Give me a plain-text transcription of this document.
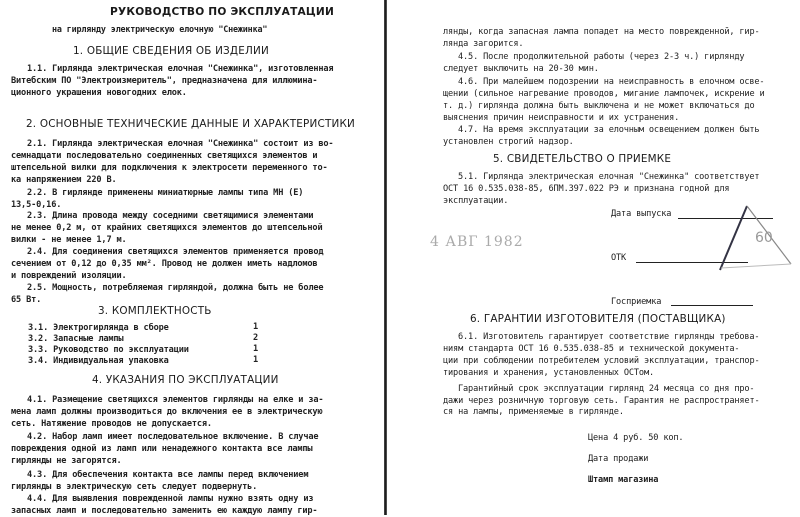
РУКОВОДСТВО ПО ЭКСПЛУАТАЦИИ
на гирлянду электрическую елочную "Снежинка"
1. ОБЩИЕ СВЕДЕНИЯ ОБ ИЗДЕЛИИ
1.1. Гирлянда электрическая елочная "Снежинка", изготовленная
Витебским ПО "Электроизмеритель", предназначена для иллюмина-
ционного украшения новогодних елок.
2. ОСНОВНЫЕ ТЕХНИЧЕСКИЕ ДАННЫЕ И ХАРАКТЕРИСТИКИ
2.1. Гирлянда электрическая елочная "Снежинка" состоит из во-
семнадцати последовательно соединенных светящихся элементов и
штепсельной вилки для подключения к электросети переменного то-
ка напряжением 220 В.
2.2. В гирлянде применены миниатюрные лампы типа МН (Е)
13,5-0,16.
2.3. Длина провода между соседними светящимися элементами
не менее 0,2 м, от крайних светящихся элементов до штепсельной
вилки - не менее 1,7 м.
2.4. Для соединения светящихся элементов применяется провод
сечением от 0,12 до 0,35 мм². Провод не должен иметь надломов
и повреждений изоляции.
2.5. Мощность, потребляемая гирляндой, должна быть не более
65 Вт.
3. КОМПЛЕКТНОСТЬ
3.1. Электрогирлянда в сборе	1
3.2. Запасные лампы	2
3.3. Руководство по эксплуатации	1
3.4. Индивидуальная упаковка	1
4. УКАЗАНИЯ ПО ЭКСПЛУАТАЦИИ
4.1. Размещение светящихся элементов гирлянды на елке и за-
мена ламп должны производиться до включения ее в электрическую
сеть. Натяжение проводов не допускается.
4.2. Набор ламп имеет последовательное включение. В случае
повреждения одной из ламп или ненадежного контакта все лампы
гирлянды не загорятся.
4.3. Для обеспечения контакта все лампы перед включением
гирлянды в электрическую сеть следует подвернуть.
4.4. Для выявления поврежденной лампы нужно взять одну из
запасных ламп и последовательно заменить ею каждую лампу гир-
лянды, когда запасная лампа попадет на место поврежденной, гир-
лянда загорится.
4.5. После продолжительной работы (через 2-3 ч.) гирлянду
следует выключить на 20-30 мин.
4.6. При малейшем подозрении на неисправность в елочном осве-
щении (сильное нагревание проводов, мигание лампочек, искрение и
т. д.) гирлянда должна быть выключена и не может включаться до
выяснения причин неисправности и их устранения.
4.7. На время эксплуатации за елочным освещением должен быть
установлен строгий надзор.
5. СВИДЕТЕЛЬСТВО О ПРИЕМКЕ
5.1. Гирлянда электрическая елочная "Снежинка" соответствует
ОСТ 16 0.535.038-85, 6ПМ.397.022 РЭ и признана годной для
эксплуатации.
Дата выпуска
ОТК
Госприемка
6. ГАРАНТИИ ИЗГОТОВИТЕЛЯ (ПОСТАВЩИКА)
6.1. Изготовитель гарантирует соответствие гирлянды требова-
ниям стандарта ОСТ 16 0.535.038-85 и технической документа-
ции при соблюдении потребителем условий эксплуатации, транспор-
тирования и хранения, установленных ОСТом.
Гарантийный срок эксплуатации гирлянд 24 месяца со дня про-
дажи через розничную торговую сеть. Гарантия не распространяет-
ся на лампы, применяемые в гирлянде.
Цена 4 руб. 50 коп.
Дата продажи
Штамп магазина
4 АВГ 1982	60
